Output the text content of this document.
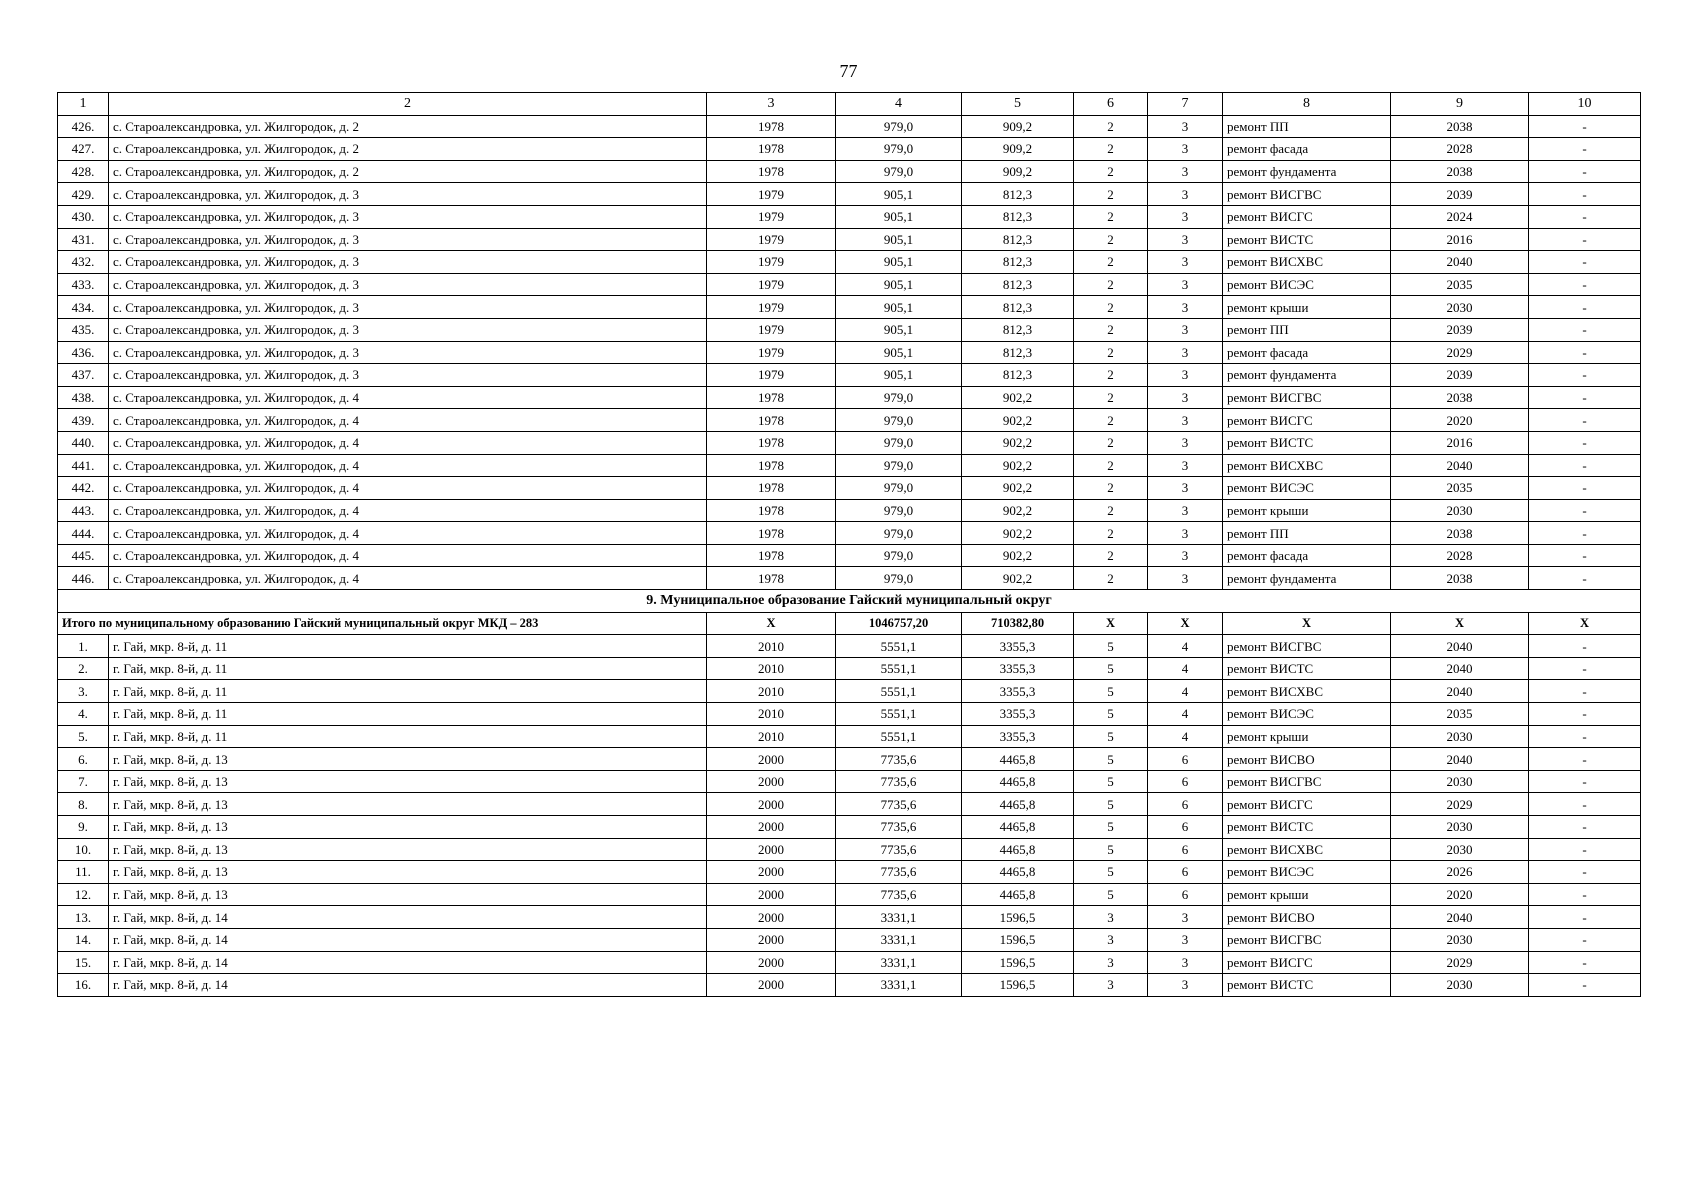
77
1	2	3	4	5	6	7	8	9	10
426.	с. Староалександровка, ул. Жилгородок, д. 2	1978	979,0	909,2	2	3	ремонт ПП	2038	-
427.	с. Староалександровка, ул. Жилгородок, д. 2	1978	979,0	909,2	2	3	ремонт фасада	2028	-
428.	с. Староалександровка, ул. Жилгородок, д. 2	1978	979,0	909,2	2	3	ремонт фундамента	2038	-
429.	с. Староалександровка, ул. Жилгородок, д. 3	1979	905,1	812,3	2	3	ремонт ВИСГВС	2039	-
430.	с. Староалександровка, ул. Жилгородок, д. 3	1979	905,1	812,3	2	3	ремонт ВИСГС	2024	-
431.	с. Староалександровка, ул. Жилгородок, д. 3	1979	905,1	812,3	2	3	ремонт ВИСТС	2016	-
432.	с. Староалександровка, ул. Жилгородок, д. 3	1979	905,1	812,3	2	3	ремонт ВИСХВС	2040	-
433.	с. Староалександровка, ул. Жилгородок, д. 3	1979	905,1	812,3	2	3	ремонт ВИСЭС	2035	-
434.	с. Староалександровка, ул. Жилгородок, д. 3	1979	905,1	812,3	2	3	ремонт крыши	2030	-
435.	с. Староалександровка, ул. Жилгородок, д. 3	1979	905,1	812,3	2	3	ремонт ПП	2039	-
436.	с. Староалександровка, ул. Жилгородок, д. 3	1979	905,1	812,3	2	3	ремонт фасада	2029	-
437.	с. Староалександровка, ул. Жилгородок, д. 3	1979	905,1	812,3	2	3	ремонт фундамента	2039	-
438.	с. Староалександровка, ул. Жилгородок, д. 4	1978	979,0	902,2	2	3	ремонт ВИСГВС	2038	-
439.	с. Староалександровка, ул. Жилгородок, д. 4	1978	979,0	902,2	2	3	ремонт ВИСГС	2020	-
440.	с. Староалександровка, ул. Жилгородок, д. 4	1978	979,0	902,2	2	3	ремонт ВИСТС	2016	-
441.	с. Староалександровка, ул. Жилгородок, д. 4	1978	979,0	902,2	2	3	ремонт ВИСХВС	2040	-
442.	с. Староалександровка, ул. Жилгородок, д. 4	1978	979,0	902,2	2	3	ремонт ВИСЭС	2035	-
443.	с. Староалександровка, ул. Жилгородок, д. 4	1978	979,0	902,2	2	3	ремонт крыши	2030	-
444.	с. Староалександровка, ул. Жилгородок, д. 4	1978	979,0	902,2	2	3	ремонт ПП	2038	-
445.	с. Староалександровка, ул. Жилгородок, д. 4	1978	979,0	902,2	2	3	ремонт фасада	2028	-
446.	с. Староалександровка, ул. Жилгородок, д. 4	1978	979,0	902,2	2	3	ремонт фундамента	2038	-
9. Муниципальное образование Гайский муниципальный округ									
Итого по муниципальному образованию Гайский муниципальный округ МКД – 283		Х	1046757,20	710382,80	Х	Х	Х	Х	Х
1.	г. Гай, мкр. 8-й, д. 11	2010	5551,1	3355,3	5	4	ремонт ВИСГВС	2040	-
2.	г. Гай, мкр. 8-й, д. 11	2010	5551,1	3355,3	5	4	ремонт ВИСТС	2040	-
3.	г. Гай, мкр. 8-й, д. 11	2010	5551,1	3355,3	5	4	ремонт ВИСХВС	2040	-
4.	г. Гай, мкр. 8-й, д. 11	2010	5551,1	3355,3	5	4	ремонт ВИСЭС	2035	-
5.	г. Гай, мкр. 8-й, д. 11	2010	5551,1	3355,3	5	4	ремонт крыши	2030	-
6.	г. Гай, мкр. 8-й, д. 13	2000	7735,6	4465,8	5	6	ремонт ВИСВО	2040	-
7.	г. Гай, мкр. 8-й, д. 13	2000	7735,6	4465,8	5	6	ремонт ВИСГВС	2030	-
8.	г. Гай, мкр. 8-й, д. 13	2000	7735,6	4465,8	5	6	ремонт ВИСГС	2029	-
9.	г. Гай, мкр. 8-й, д. 13	2000	7735,6	4465,8	5	6	ремонт ВИСТС	2030	-
10.	г. Гай, мкр. 8-й, д. 13	2000	7735,6	4465,8	5	6	ремонт ВИСХВС	2030	-
11.	г. Гай, мкр. 8-й, д. 13	2000	7735,6	4465,8	5	6	ремонт ВИСЭС	2026	-
12.	г. Гай, мкр. 8-й, д. 13	2000	7735,6	4465,8	5	6	ремонт крыши	2020	-
13.	г. Гай, мкр. 8-й, д. 14	2000	3331,1	1596,5	3	3	ремонт ВИСВО	2040	-
14.	г. Гай, мкр. 8-й, д. 14	2000	3331,1	1596,5	3	3	ремонт ВИСГВС	2030	-
15.	г. Гай, мкр. 8-й, д. 14	2000	3331,1	1596,5	3	3	ремонт ВИСГС	2029	-
16.	г. Гай, мкр. 8-й, д. 14	2000	3331,1	1596,5	3	3	ремонт ВИСТС	2030	-
